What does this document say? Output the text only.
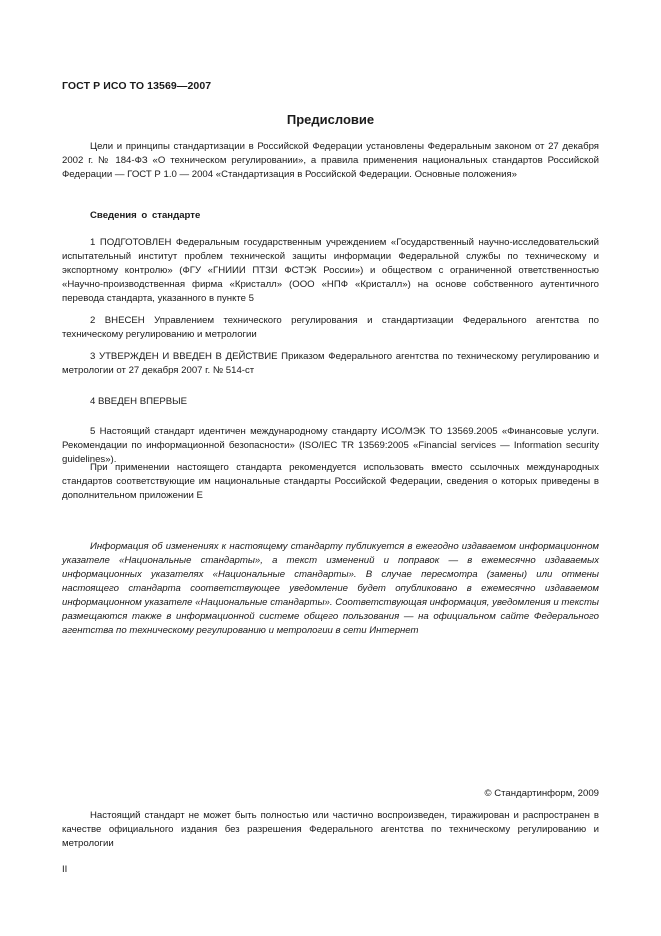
ГОСТ Р ИСО ТО 13569—2007
Предисловие

Цели и принципы стандартизации в Российской Федерации установлены Федеральным законом от 27 декабря 2002 г. № 184-ФЗ «О техническом регулировании», а правила применения национальных стандартов Российской Федерации — ГОСТ Р 1.0 — 2004 «Стандартизация в Российской Федерации. Основные положения»

Сведения о стандарте

1 ПОДГОТОВЛЕН Федеральным государственным учреждением «Государственный научно-исследовательский испытательный институт проблем технической защиты информации Федеральной службы по техническому и экспортному контролю» (ФГУ «ГНИИИ ПТЗИ ФСТЭК России») и обществом с ограниченной ответственностью «Научно-производственная фирма «Кристалл» (ООО «НПФ «Кристалл») на основе собственного аутентичного перевода стандарта, указанного в пункте 5

2 ВНЕСЕН Управлением технического регулирования и стандартизации Федерального агентства по техническому регулированию и метрологии

3 УТВЕРЖДЕН И ВВЕДЕН В ДЕЙСТВИЕ Приказом Федерального агентства по техническому регулированию и метрологии от 27 декабря 2007 г. № 514-ст

4 ВВЕДЕН ВПЕРВЫЕ

5 Настоящий стандарт идентичен международному стандарту ИСО/МЭК ТО 13569.2005 «Финансовые услуги. Рекомендации по информационной безопасности» (ISO/IEC TR 13569:2005 «Financial services — Information security guidelines»).

При применении настоящего стандарта рекомендуется использовать вместо ссылочных международных стандартов соответствующие им национальные стандарты Российской Федерации, сведения о которых приведены в дополнительном приложении Е

Информация об изменениях к настоящему стандарту публикуется в ежегодно издаваемом информационном указателе «Национальные стандарты», а текст изменений и поправок — в ежемесячно издаваемых информационных указателях «Национальные стандарты». В случае пересмотра (замены) или отмены настоящего стандарта соответствующее уведомление будет опубликовано в ежемесячно издаваемом информационном указателе «Национальные стандарты». Соответствующая информация, уведомления и тексты размещаются также в информационной системе общего пользования — на официальном сайте Федерального агентства по техническому регулированию и метрологии в сети Интернет

© Стандартинформ, 2009

Настоящий стандарт не может быть полностью или частично воспроизведен, тиражирован и распространен в качестве официального издания без разрешения Федерального агентства по техническому регулированию и метрологии

II
